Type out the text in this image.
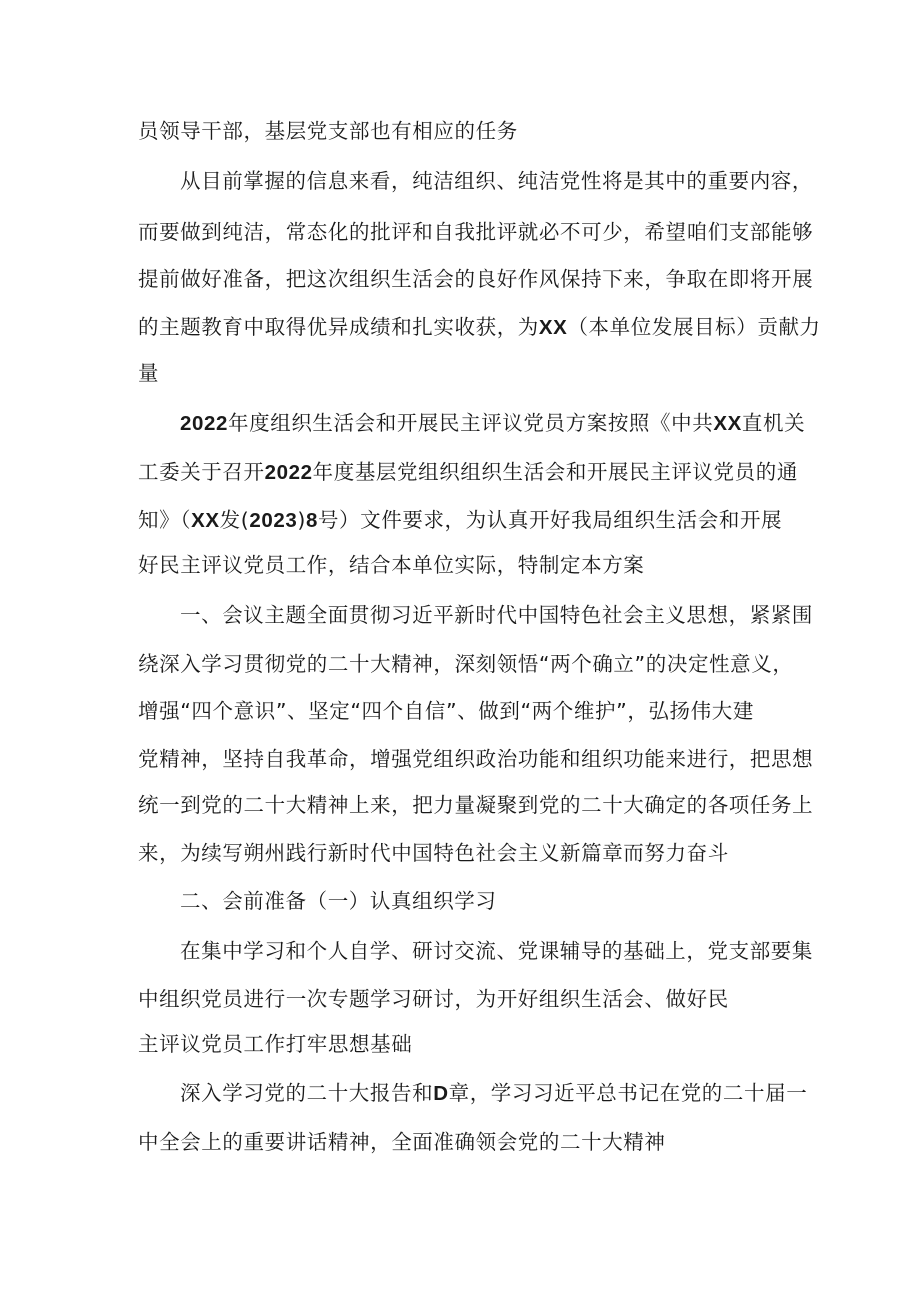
员领导干部，基层党支部也有相应的任务
从目前掌握的信息来看，纯洁组织、纯洁党性将是其中的重要内容，
而要做到纯洁，常态化的批评和自我批评就必不可少，希望咱们支部能够
提前做好准备，把这次组织生活会的良好作风保持下来，争取在即将开展
的主题教育中取得优异成绩和扎实收获，为XX（本单位发展目标）贡献力
量
2022年度组织生活会和开展民主评议党员方案按照《中共XX直机关
工委关于召开2022年度基层党组织组织生活会和开展民主评议党员的通
知》（XX发(2023)8号）文件要求，为认真开好我局组织生活会和开展
好民主评议党员工作，结合本单位实际，特制定本方案
一、会议主题全面贯彻习近平新时代中国特色社会主义思想，紧紧围
绕深入学习贯彻党的二十大精神，深刻领悟“两个确立”的决定性意义，
增强“四个意识”、坚定“四个自信”、做到“两个维护”，弘扬伟大建
党精神，坚持自我革命，增强党组织政治功能和组织功能来进行，把思想
统一到党的二十大精神上来，把力量凝聚到党的二十大确定的各项任务上
来，为续写朔州践行新时代中国特色社会主义新篇章而努力奋斗
二、会前准备（一）认真组织学习
在集中学习和个人自学、研讨交流、党课辅导的基础上，党支部要集
中组织党员进行一次专题学习研讨，为开好组织生活会、做好民
主评议党员工作打牢思想基础
深入学习党的二十大报告和D章，学习习近平总书记在党的二十届一
中全会上的重要讲话精神，全面准确领会党的二十大精神
